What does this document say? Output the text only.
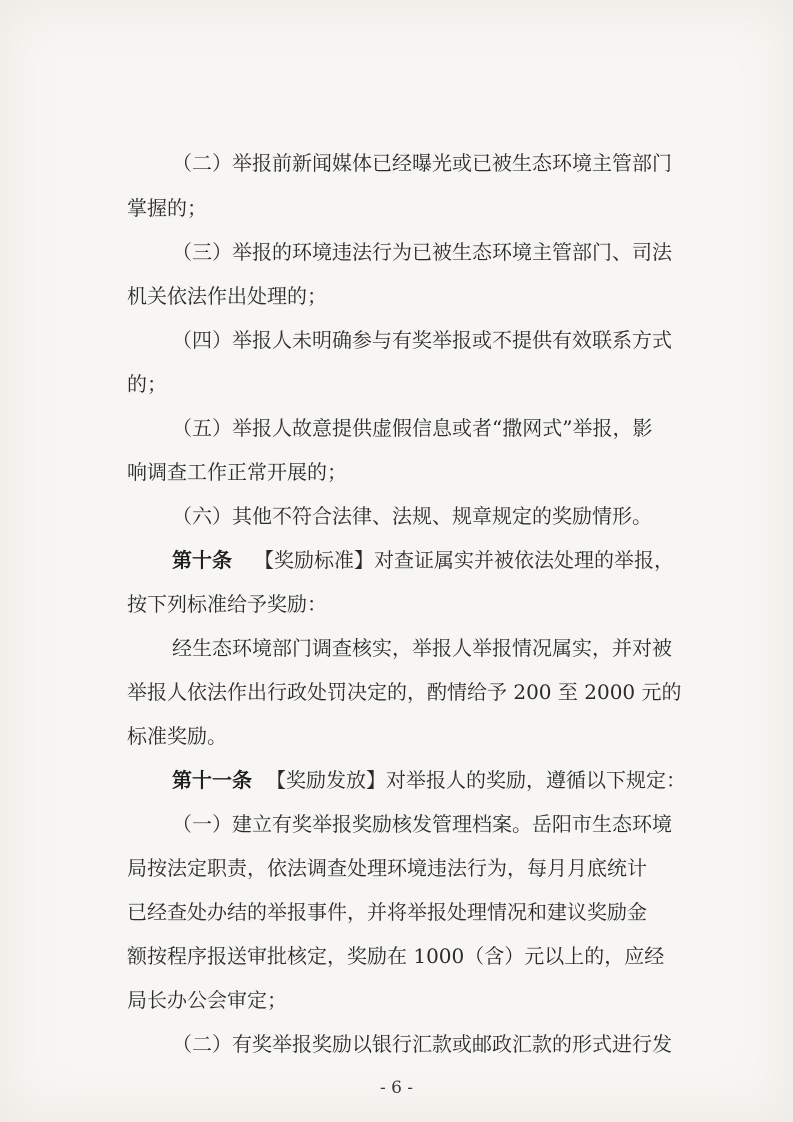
（二）举报前新闻媒体已经曝光或已被生态环境主管部门
掌握的；
（三）举报的环境违法行为已被生态环境主管部门、司法
机关依法作出处理的；
（四）举报人未明确参与有奖举报或不提供有效联系方式
的；
（五）举报人故意提供虚假信息或者“撒网式”举报，影
响调查工作正常开展的；
（六）其他不符合法律、法规、规章规定的奖励情形。
第十条 【奖励标准】对查证属实并被依法处理的举报，
按下列标准给予奖励：
经生态环境部门调查核实，举报人举报情况属实，并对被
举报人依法作出行政处罚决定的，酌情给予 200 至 2000 元的
标准奖励。
第十一条 【奖励发放】对举报人的奖励，遵循以下规定：
（一）建立有奖举报奖励核发管理档案。岳阳市生态环境
局按法定职责，依法调查处理环境违法行为，每月月底统计
已经查处办结的举报事件，并将举报处理情况和建议奖励金
额按程序报送审批核定，奖励在 1000（含）元以上的，应经
局长办公会审定；
（二）有奖举报奖励以银行汇款或邮政汇款的形式进行发
- 6 -
